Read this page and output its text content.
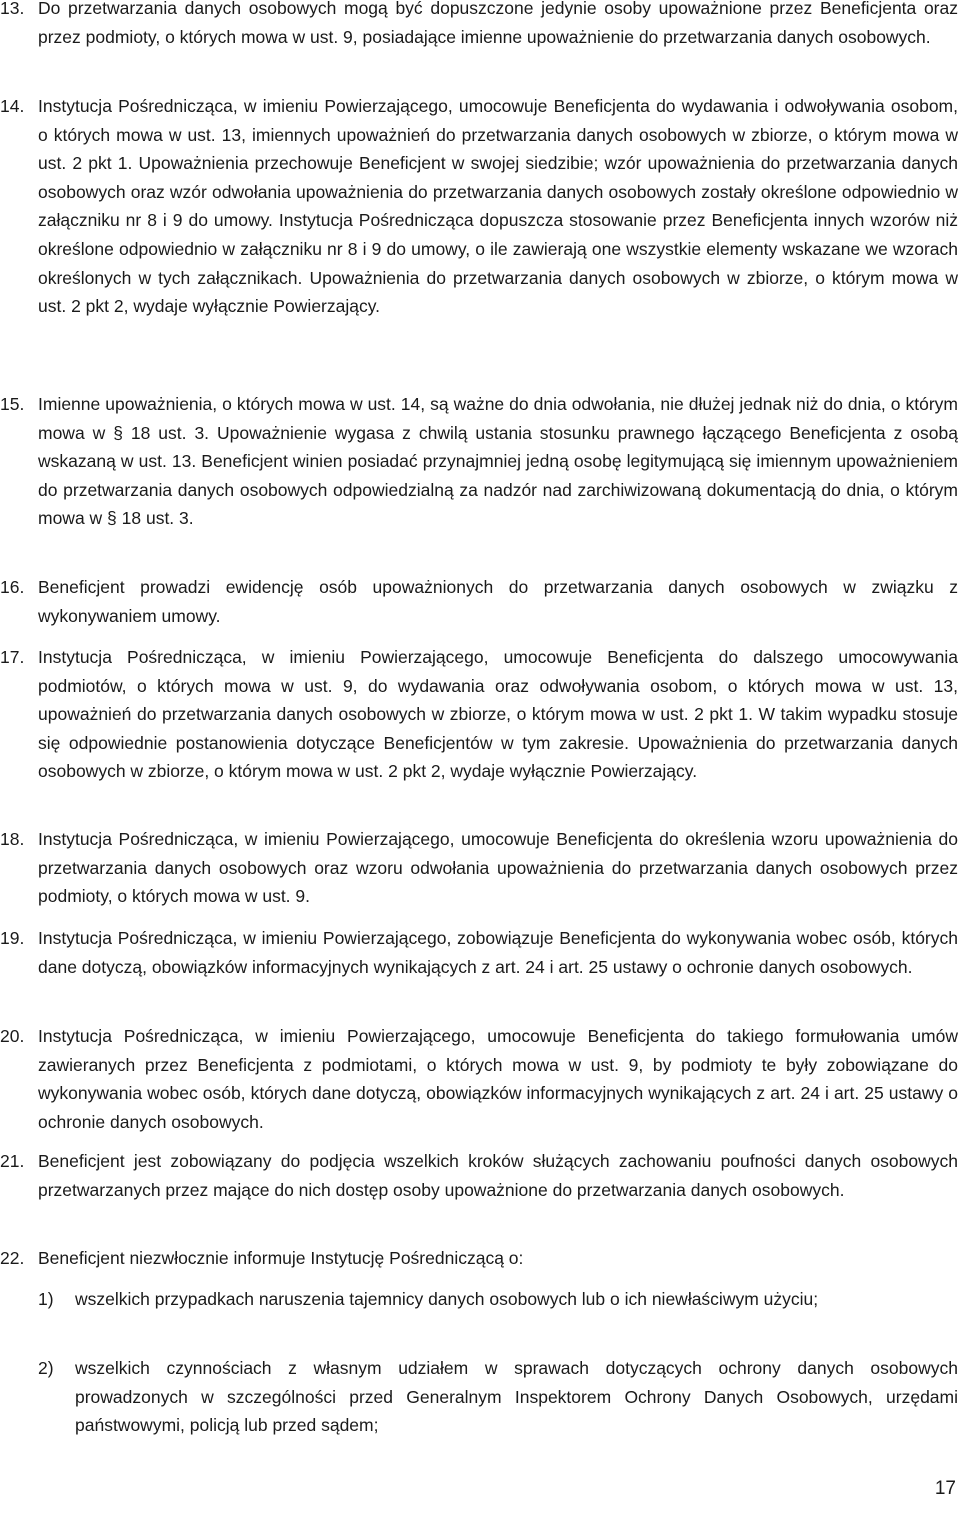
13. Do przetwarzania danych osobowych mogą być dopuszczone jedynie osoby upoważnione przez Beneficjenta oraz przez podmioty, o których mowa w ust. 9, posiadające imienne upoważnienie do przetwarzania danych osobowych.
14. Instytucja Pośrednicząca, w imieniu Powierzającego, umocowuje Beneficjenta do wydawania i odwoływania osobom, o których mowa w ust. 13, imiennych upoważnień do przetwarzania danych osobowych w zbiorze, o którym mowa w ust. 2 pkt 1. Upoważnienia przechowuje Beneficjent w swojej siedzibie; wzór upoważnienia do przetwarzania danych osobowych oraz wzór odwołania upoważnienia do przetwarzania danych osobowych zostały określone odpowiednio w załączniku nr 8 i 9 do umowy. Instytucja Pośrednicząca dopuszcza stosowanie przez Beneficjenta innych wzorów niż określone odpowiednio w załączniku nr 8 i 9 do umowy, o ile zawierają one wszystkie elementy wskazane we wzorach określonych w tych załącznikach. Upoważnienia do przetwarzania danych osobowych w zbiorze, o którym mowa w ust. 2 pkt 2, wydaje wyłącznie Powierzający.
15. Imienne upoważnienia, o których mowa w ust. 14, są ważne do dnia odwołania, nie dłużej jednak niż do dnia, o którym mowa w § 18 ust. 3. Upoważnienie wygasa z chwilą ustania stosunku prawnego łączącego Beneficjenta z osobą wskazaną w ust. 13. Beneficjent winien posiadać przynajmniej jedną osobę legitymującą się imiennym upoważnieniem do przetwarzania danych osobowych odpowiedzialną za nadzór nad zarchiwizowaną dokumentacją do dnia, o którym mowa w § 18 ust. 3.
16. Beneficjent prowadzi ewidencję osób upoważnionych do przetwarzania danych osobowych w związku z wykonywaniem umowy.
17. Instytucja Pośrednicząca, w imieniu Powierzającego, umocowuje Beneficjenta do dalszego umocowywania podmiotów, o których mowa w ust. 9, do wydawania oraz odwoływania osobom, o których mowa w ust. 13, upoważnień do przetwarzania danych osobowych w zbiorze, o którym mowa w ust. 2 pkt 1. W takim wypadku stosuje się odpowiednie postanowienia dotyczące Beneficjentów w tym zakresie. Upoważnienia do przetwarzania danych osobowych w zbiorze, o którym mowa w ust. 2 pkt 2, wydaje wyłącznie Powierzający.
18. Instytucja Pośrednicząca, w imieniu Powierzającego, umocowuje Beneficjenta do określenia wzoru upoważnienia do przetwarzania danych osobowych oraz wzoru odwołania upoważnienia do przetwarzania danych osobowych przez podmioty, o których mowa w ust. 9.
19. Instytucja Pośrednicząca, w imieniu Powierzającego, zobowiązuje Beneficjenta do wykonywania wobec osób, których dane dotyczą, obowiązków informacyjnych wynikających z art. 24 i art. 25 ustawy o ochronie danych osobowych.
20. Instytucja Pośrednicząca, w imieniu Powierzającego, umocowuje Beneficjenta do takiego formułowania umów zawieranych przez Beneficjenta z podmiotami, o których mowa w ust. 9, by podmioty te były zobowiązane do wykonywania wobec osób, których dane dotyczą, obowiązków informacyjnych wynikających z art. 24 i art. 25 ustawy o ochronie danych osobowych.
21. Beneficjent jest zobowiązany do podjęcia wszelkich kroków służących zachowaniu poufności danych osobowych przetwarzanych przez mające do nich dostęp osoby upoważnione do przetwarzania danych osobowych.
22. Beneficjent niezwłocznie informuje Instytucję Pośredniczącą o:
1)	wszelkich przypadkach naruszenia tajemnicy danych osobowych lub o ich niewłaściwym użyciu;
2)	wszelkich czynnościach z własnym udziałem w sprawach dotyczących ochrony danych osobowych prowadzonych w szczególności przed Generalnym Inspektorem Ochrony Danych Osobowych, urzędami państwowymi, policją lub przed sądem;
17
